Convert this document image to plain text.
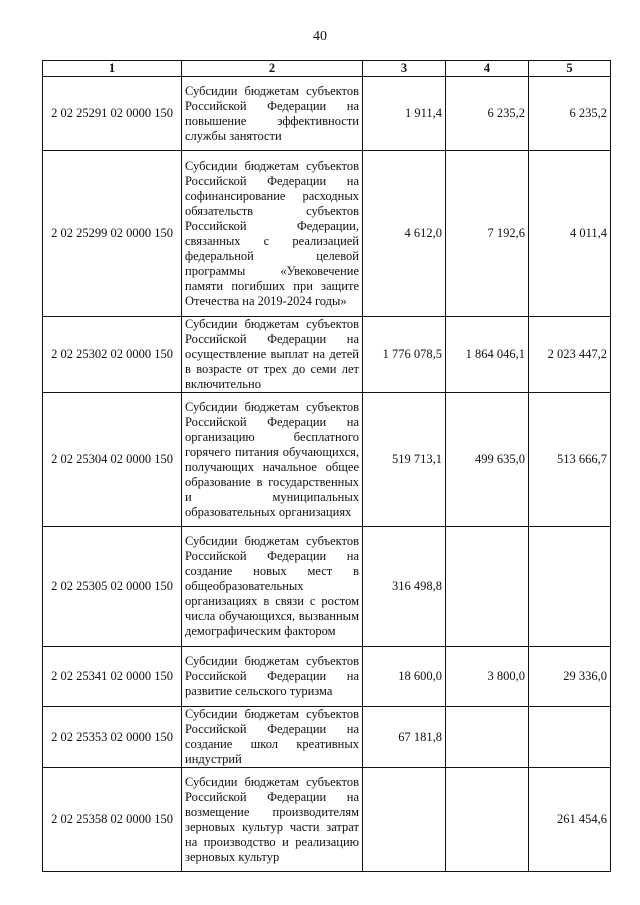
40
1	2	3	4	5
2 02 25291 02 0000 150	Субсидии бюджетам субъектов Российской Федерации на повышение эффективности службы занятости	1 911,4	6 235,2	6 235,2
2 02 25299 02 0000 150	Субсидии бюджетам субъектов Российской Федерации на софинансирование расходных обязательств субъектов Российской Федерации, связанных с реализацией федеральной целевой программы «Увековечение памяти погибших при защите Отечества на 2019-2024 годы»	4 612,0	7 192,6	4 011,4
2 02 25302 02 0000 150	Субсидии бюджетам субъектов Российской Федерации на осуществление выплат на детей в возрасте от трех до семи лет включительно	1 776 078,5	1 864 046,1	2 023 447,2
2 02 25304 02 0000 150	Субсидии бюджетам субъектов Российской Федерации на организацию бесплатного горячего питания обучающихся, получающих начальное общее образование в государственных и муниципальных образовательных организациях	519 713,1	499 635,0	513 666,7
2 02 25305 02 0000 150	Субсидии бюджетам субъектов Российской Федерации на создание новых мест в общеобразовательных организациях в связи с ростом числа обучающихся, вызванным демографическим фактором	316 498,8		
2 02 25341 02 0000 150	Субсидии бюджетам субъектов Российской Федерации на развитие сельского туризма	18 600,0	3 800,0	29 336,0
2 02 25353 02 0000 150	Субсидии бюджетам субъектов Российской Федерации на создание школ креативных индустрий	67 181,8		
2 02 25358 02 0000 150	Субсидии бюджетам субъектов Российской Федерации на возмещение производителям зерновых культур части затрат на производство и реализацию зерновых культур			261 454,6
